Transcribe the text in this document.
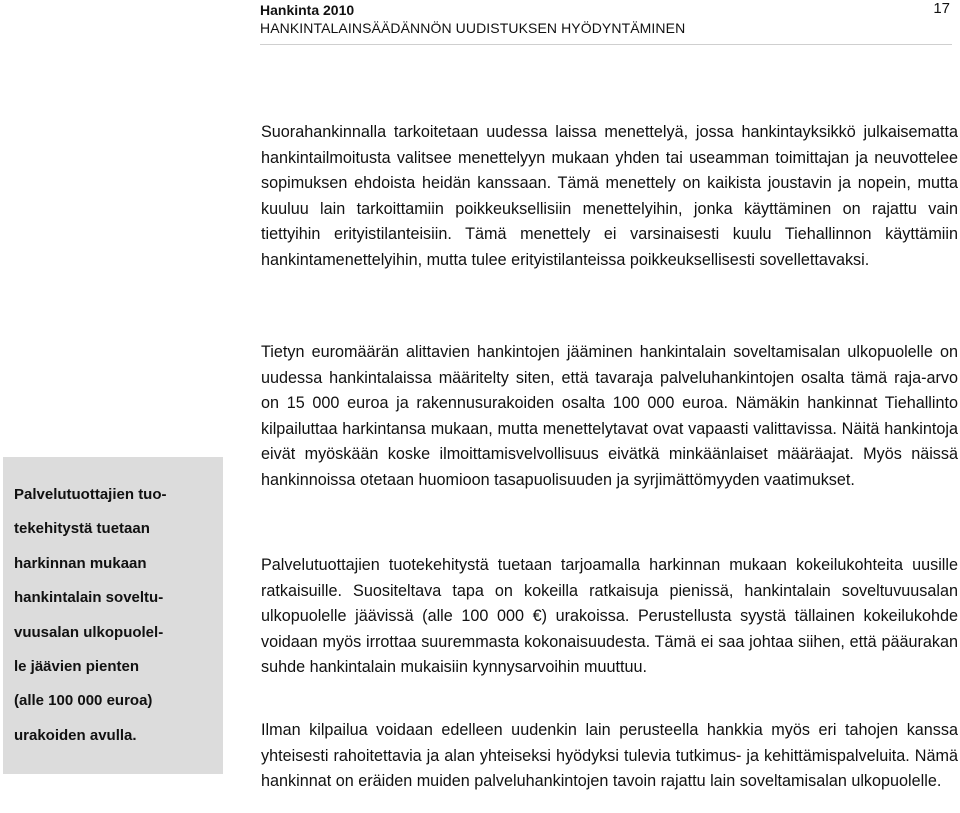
Hankinta 2010
HANKINTALAINSÄÄDÄNNÖN UUDISTUKSEN HYÖDYNTÄMINEN
17
Palvelutuottajien tuo-
tekehitystä tuetaan
harkinnan mukaan
hankintalain soveltu-
vuusalan ulkopuolel-
le jäävien pienten
(alle 100 000 euroa)
urakoiden avulla.
Suorahankinnalla tarkoitetaan uudessa laissa menettelyä, jossa hankintayksikkö julkaisematta hankintailmoitusta valitsee menettelyyn mukaan yhden tai useamman toimittajan ja neuvottelee sopimuksen ehdoista heidän kanssaan. Tämä menettely on kaikista joustavin ja nopein, mutta kuuluu lain tarkoittamiin poikkeuksellisiin menettelyihin, jonka käyttäminen on rajattu vain tiettyihin erityistilanteisiin. Tämä menettely ei varsinaisesti kuulu Tiehallinnon käyttämiin hankintamenettelyihin, mutta tulee erityistilanteissa poikkeuksellisesti sovellettavaksi.
Tietyn euromäärän alittavien hankintojen jääminen hankintalain soveltamisalan ulkopuolelle on uudessa hankintalaissa määritelty siten, että tavaraja palveluhankintojen osalta tämä raja-arvo on 15 000 euroa ja rakennusurakoiden osalta 100 000 euroa. Nämäkin hankinnat Tiehallinto kilpailuttaa harkintansa mukaan, mutta menettelytavat ovat vapaasti valittavissa. Näitä hankintoja eivät myöskään koske ilmoittamisvelvollisuus eivätkä minkäänlaiset määräajat. Myös näissä hankinnoissa otetaan huomioon tasapuolisuuden ja syrjimättömyyden vaatimukset.
Palvelutuottajien tuotekehitystä tuetaan tarjoamalla harkinnan mukaan kokeilukohteita uusille ratkaisuille. Suositeltava tapa on kokeilla ratkaisuja pienissä, hankintalain soveltuvuusalan ulkopuolelle jäävissä (alle 100 000 €) urakoissa. Perustellusta syystä tällainen kokeilukohde voidaan myös irrottaa suuremmasta kokonaisuudesta. Tämä ei saa johtaa siihen, että pääurakan suhde hankintalain mukaisiin kynnysarvoihin muuttuu.
Ilman kilpailua voidaan edelleen uudenkin lain perusteella hankkia myös eri tahojen kanssa yhteisesti rahoitettavia ja alan yhteiseksi hyödyksi tulevia tutkimus- ja kehittämispalveluita. Nämä hankinnat on eräiden muiden palveluhankintojen tavoin rajattu lain soveltamisalan ulkopuolelle.
